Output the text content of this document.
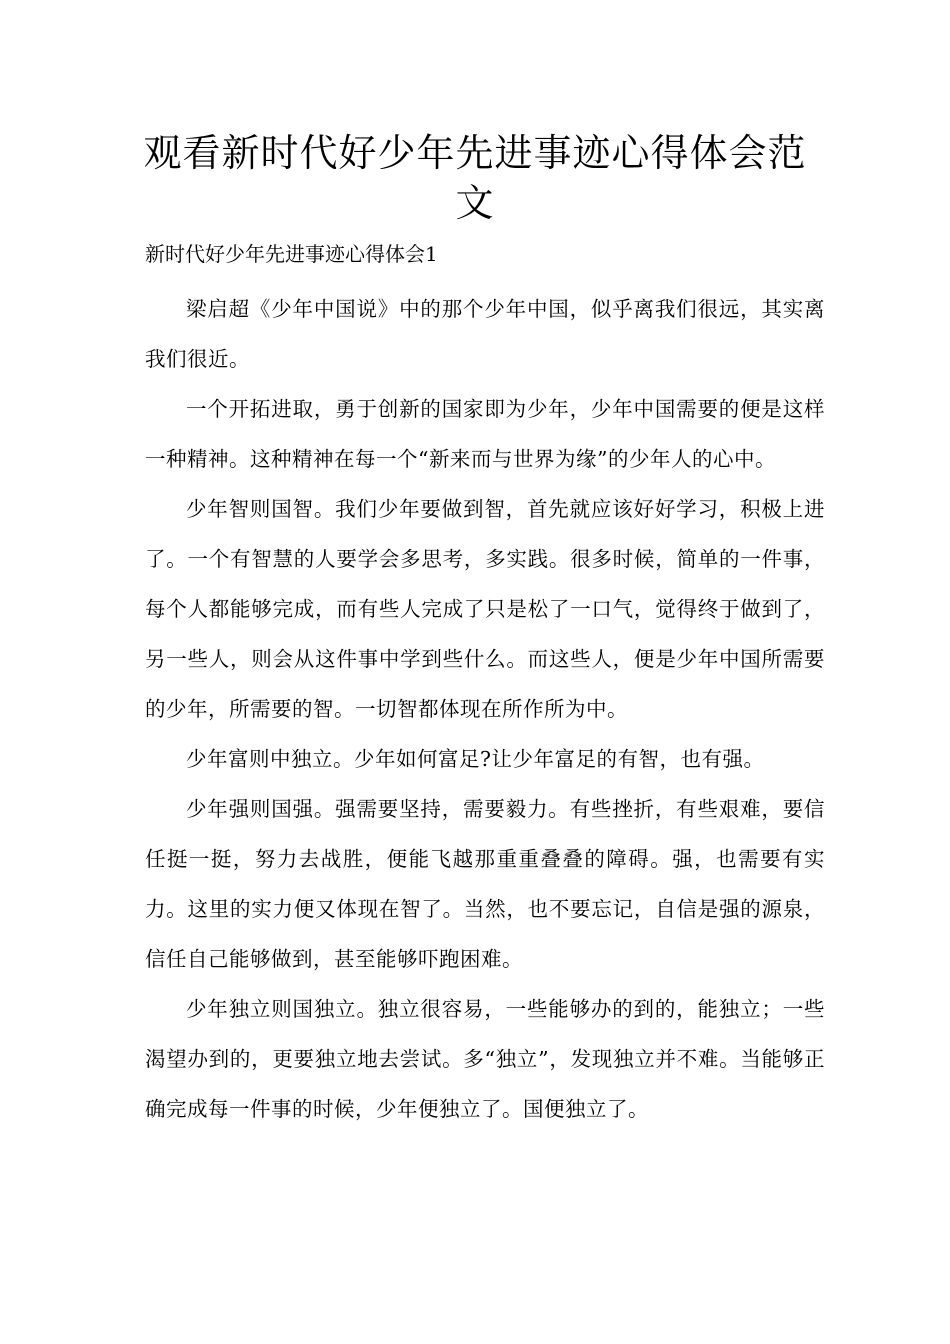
观看新时代好少年先进事迹心得体会范文
新时代好少年先进事迹心得体会1

梁启超《少年中国说》中的那个少年中国，似乎离我们很远，其实离我们很近。

一个开拓进取，勇于创新的国家即为少年，少年中国需要的便是这样一种精神。这种精神在每一个“新来而与世界为缘”的少年人的心中。

少年智则国智。我们少年要做到智，首先就应该好好学习，积极上进了。一个有智慧的人要学会多思考，多实践。很多时候，简单的一件事，每个人都能够完成，而有些人完成了只是松了一口气，觉得终于做到了，另一些人，则会从这件事中学到些什么。而这些人，便是少年中国所需要的少年，所需要的智。一切智都体现在所作所为中。

少年富则中独立。少年如何富足?让少年富足的有智，也有强。

少年强则国强。强需要坚持，需要毅力。有些挫折，有些艰难，要信任挺一挺，努力去战胜，便能飞越那重重叠叠的障碍。强，也需要有实力。这里的实力便又体现在智了。当然，也不要忘记，自信是强的源泉，信任自己能够做到，甚至能够吓跑困难。

少年独立则国独立。独立很容易，一些能够办的到的，能独立；一些渴望办到的，更要独立地去尝试。多“独立”，发现独立并不难。当能够正确完成每一件事的时候，少年便独立了。国便独立了。
